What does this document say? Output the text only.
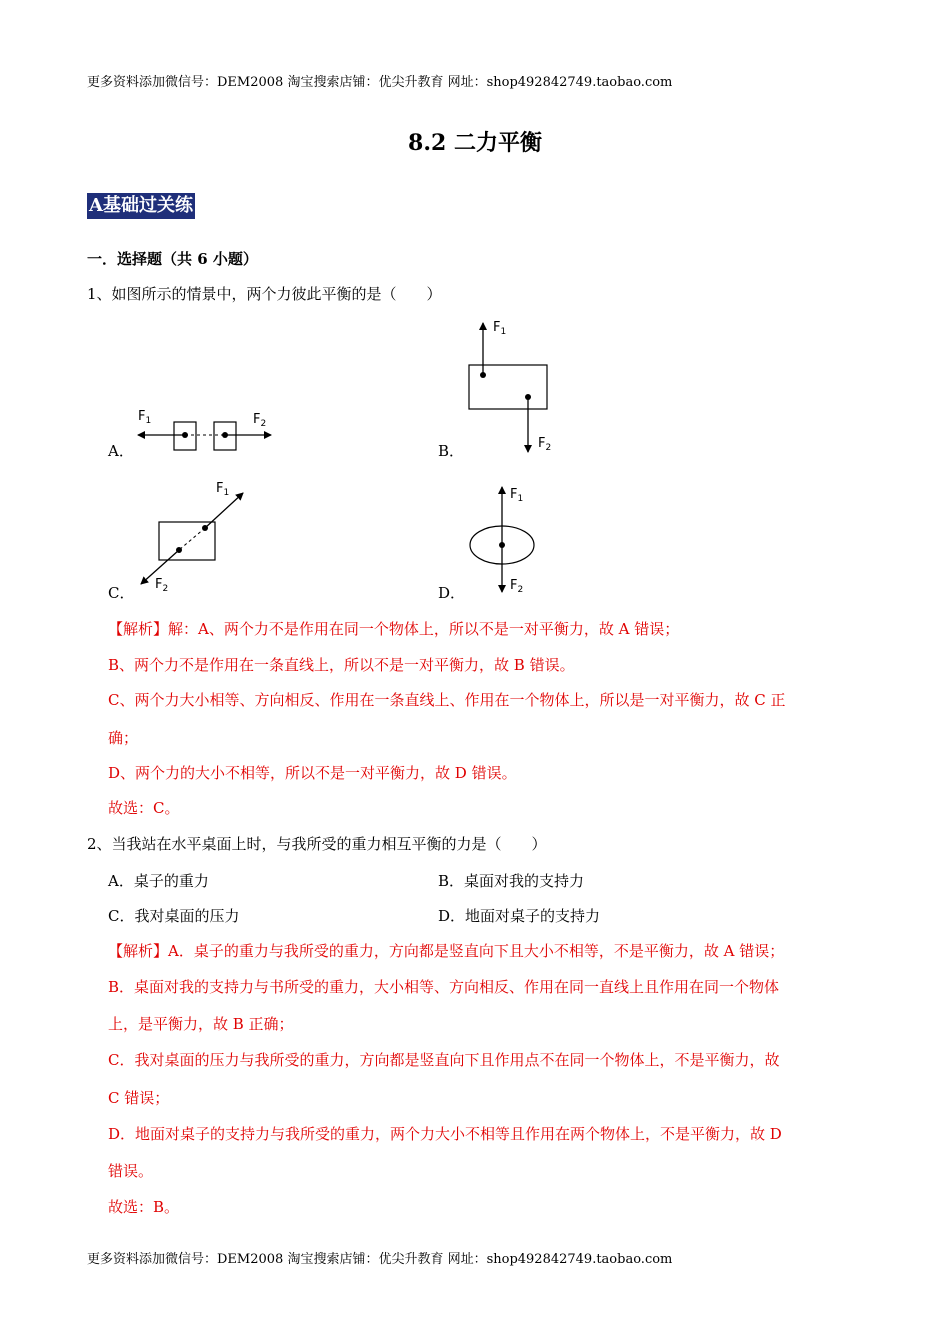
更多资料添加微信号：DEM2008 淘宝搜索店铺：优尖升教育 网址：shop492842749.taobao.com
8.2 二力平衡
A基础过关练
一．选择题（共 6 小题）
1、如图所示的情景中，两个力彼此平衡的是（　　）
$F_1$	$F_2$
A．
$F_1$
$F_2$
B．
$F_1$
$F_2$
C．
$F_1$
$F_2$
D．
【解析】解：A、两个力不是作用在同一个物体上，所以不是一对平衡力，故 A 错误；
B、两个力不是作用在一条直线上，所以不是一对平衡力，故 B 错误。
C、两个力大小相等、方向相反、作用在一条直线上、作用在一个物体上，所以是一对平衡力，故 C 正
确；
D、两个力的大小不相等，所以不是一对平衡力，故 D 错误。
故选：C。
2、当我站在水平桌面上时，与我所受的重力相互平衡的力是（　　）
A．桌子的重力	B．桌面对我的支持力
C．我对桌面的压力	D．地面对桌子的支持力
【解析】A．桌子的重力与我所受的重力，方向都是竖直向下且大小不相等，不是平衡力，故 A 错误；
B．桌面对我的支持力与书所受的重力，大小相等、方向相反、作用在同一直线上且作用在同一个物体
上，是平衡力，故 B 正确；
C．我对桌面的压力与我所受的重力，方向都是竖直向下且作用点不在同一个物体上，不是平衡力，故
C 错误；
D．地面对桌子的支持力与我所受的重力，两个力大小不相等且作用在两个物体上，不是平衡力，故 D
错误。
故选：B。
更多资料添加微信号：DEM2008 淘宝搜索店铺：优尖升教育 网址：shop492842749.taobao.com
